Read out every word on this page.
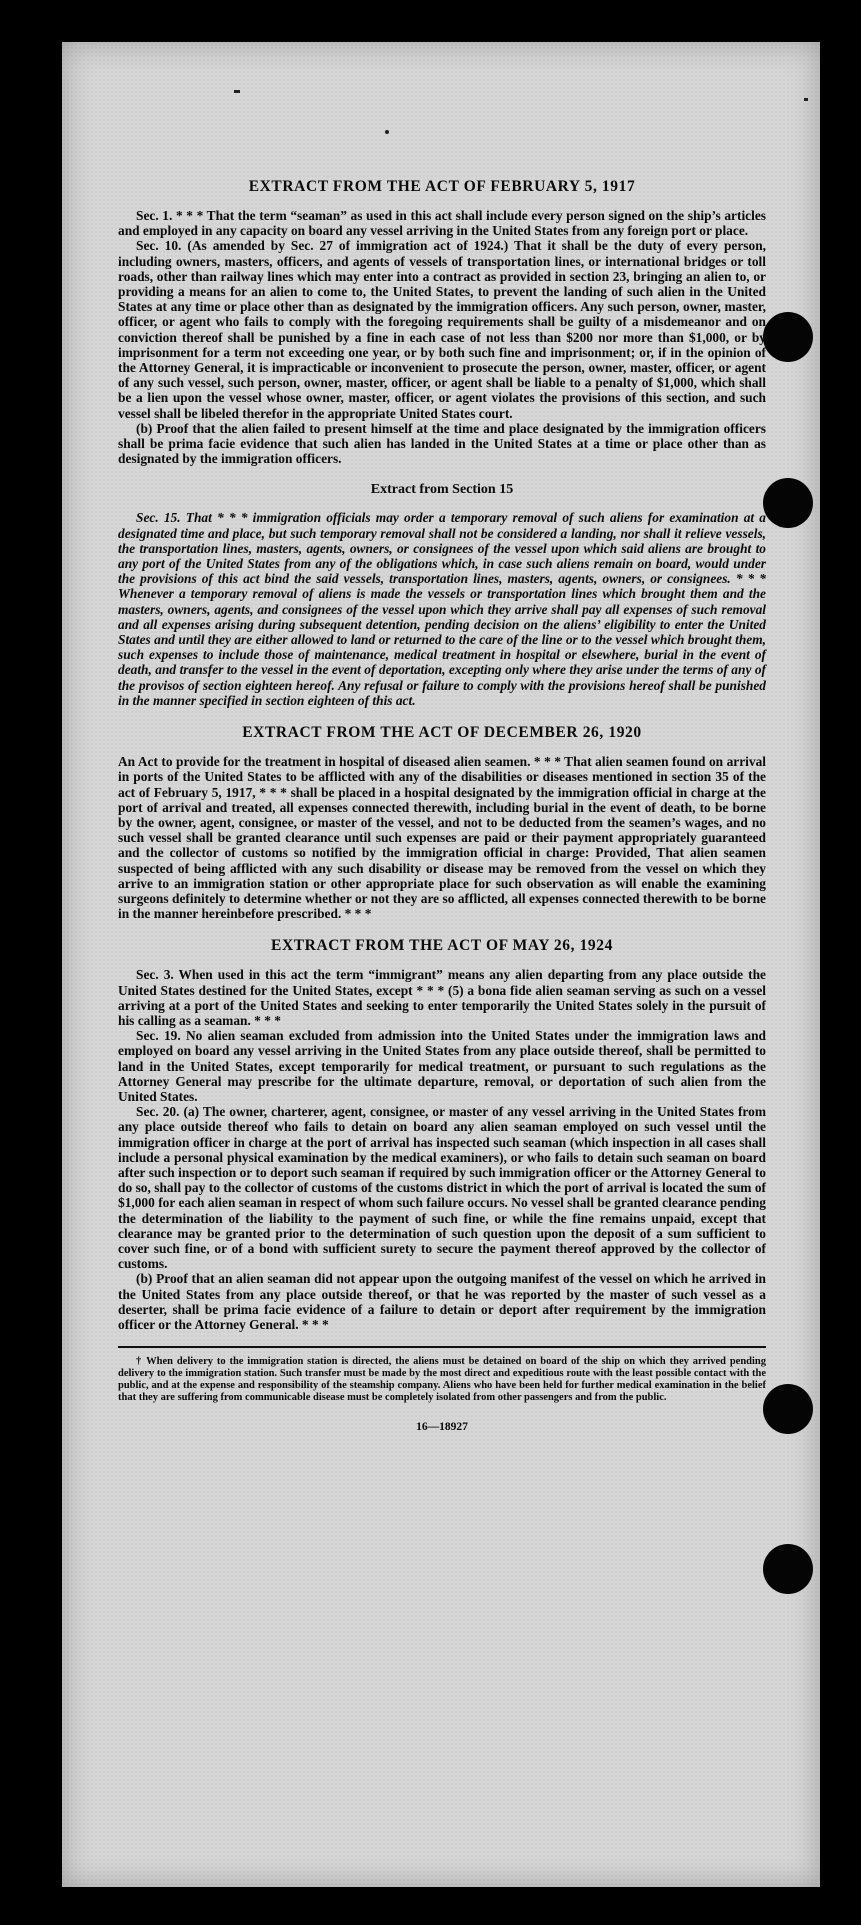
EXTRACT FROM THE ACT OF FEBRUARY 5, 1917

Sec. 1. * * * That the term “seaman” as used in this act shall include every person signed on the ship’s articles and employed in any capacity on board any vessel arriving in the United States from any foreign port or place.

Sec. 10. (As amended by Sec. 27 of immigration act of 1924.) That it shall be the duty of every person, including owners, masters, officers, and agents of vessels of transportation lines, or international bridges or toll roads, other than railway lines which may enter into a contract as provided in section 23, bringing an alien to, or providing a means for an alien to come to, the United States, to prevent the landing of such alien in the United States at any time or place other than as designated by the immigration officers. Any such person, owner, master, officer, or agent who fails to comply with the foregoing requirements shall be guilty of a misdemeanor and on conviction thereof shall be punished by a fine in each case of not less than $200 nor more than $1,000, or by imprisonment for a term not exceeding one year, or by both such fine and imprisonment; or, if in the opinion of the Attorney General, it is impracticable or inconvenient to prosecute the person, owner, master, officer, or agent of any such vessel, such person, owner, master, officer, or agent shall be liable to a penalty of $1,000, which shall be a lien upon the vessel whose owner, master, officer, or agent violates the provisions of this section, and such vessel shall be libeled therefor in the appropriate United States court.

(b) Proof that the alien failed to present himself at the time and place designated by the immigration officers shall be prima facie evidence that such alien has landed in the United States at a time or place other than as designated by the immigration officers.

Extract from Section 15

Sec. 15. That * * * immigration officials may order a temporary removal of such aliens for examination at a designated time and place, but such temporary removal shall not be considered a landing, nor shall it relieve vessels, the transportation lines, masters, agents, owners, or consignees of the vessel upon which said aliens are brought to any port of the United States from any of the obligations which, in case such aliens remain on board, would under the provisions of this act bind the said vessels, transportation lines, masters, agents, owners, or consignees. * * * Whenever a temporary removal of aliens is made the vessels or transportation lines which brought them and the masters, owners, agents, and consignees of the vessel upon which they arrive shall pay all expenses of such removal and all expenses arising during subsequent detention, pending decision on the aliens’ eligibility to enter the United States and until they are either allowed to land or returned to the care of the line or to the vessel which brought them, such expenses to include those of maintenance, medical treatment in hospital or elsewhere, burial in the event of death, and transfer to the vessel in the event of deportation, excepting only where they arise under the terms of any of the provisos of section eighteen hereof. Any refusal or failure to comply with the provisions hereof shall be punished in the manner specified in section eighteen of this act.

EXTRACT FROM THE ACT OF DECEMBER 26, 1920

An Act to provide for the treatment in hospital of diseased alien seamen. * * * That alien seamen found on arrival in ports of the United States to be afflicted with any of the disabilities or diseases mentioned in section 35 of the act of February 5, 1917, * * * shall be placed in a hospital designated by the immigration official in charge at the port of arrival and treated, all expenses connected therewith, including burial in the event of death, to be borne by the owner, agent, consignee, or master of the vessel, and not to be deducted from the seamen’s wages, and no such vessel shall be granted clearance until such expenses are paid or their payment appropriately guaranteed and the collector of customs so notified by the immigration official in charge: Provided, That alien seamen suspected of being afflicted with any such disability or disease may be removed from the vessel on which they arrive to an immigration station or other appropriate place for such observation as will enable the examining surgeons definitely to determine whether or not they are so afflicted, all expenses connected therewith to be borne in the manner hereinbefore prescribed. * * *

EXTRACT FROM THE ACT OF MAY 26, 1924

Sec. 3. When used in this act the term “immigrant” means any alien departing from any place outside the United States destined for the United States, except * * * (5) a bona fide alien seaman serving as such on a vessel arriving at a port of the United States and seeking to enter temporarily the United States solely in the pursuit of his calling as a seaman. * * *

Sec. 19. No alien seaman excluded from admission into the United States under the immigration laws and employed on board any vessel arriving in the United States from any place outside thereof, shall be permitted to land in the United States, except temporarily for medical treatment, or pursuant to such regulations as the Attorney General may prescribe for the ultimate departure, removal, or deportation of such alien from the United States.

Sec. 20. (a) The owner, charterer, agent, consignee, or master of any vessel arriving in the United States from any place outside thereof who fails to detain on board any alien seaman employed on such vessel until the immigration officer in charge at the port of arrival has inspected such seaman (which inspection in all cases shall include a personal physical examination by the medical examiners), or who fails to detain such seaman on board after such inspection or to deport such seaman if required by such immigration officer or the Attorney General to do so, shall pay to the collector of customs of the customs district in which the port of arrival is located the sum of $1,000 for each alien seaman in respect of whom such failure occurs. No vessel shall be granted clearance pending the determination of the liability to the payment of such fine, or while the fine remains unpaid, except that clearance may be granted prior to the determination of such question upon the deposit of a sum sufficient to cover such fine, or of a bond with sufficient surety to secure the payment thereof approved by the collector of customs.

(b) Proof that an alien seaman did not appear upon the outgoing manifest of the vessel on which he arrived in the United States from any place outside thereof, or that he was reported by the master of such vessel as a deserter, shall be prima facie evidence of a failure to detain or deport after requirement by the immigration officer or the Attorney General. * * *

† When delivery to the immigration station is directed, the aliens must be detained on board of the ship on which they arrived pending delivery to the immigration station. Such transfer must be made by the most direct and expeditious route with the least possible contact with the public, and at the expense and responsibility of the steamship company. Aliens who have been held for further medical examination in the belief that they are suffering from communicable disease must be completely isolated from other passengers and from the public.

16—18927
